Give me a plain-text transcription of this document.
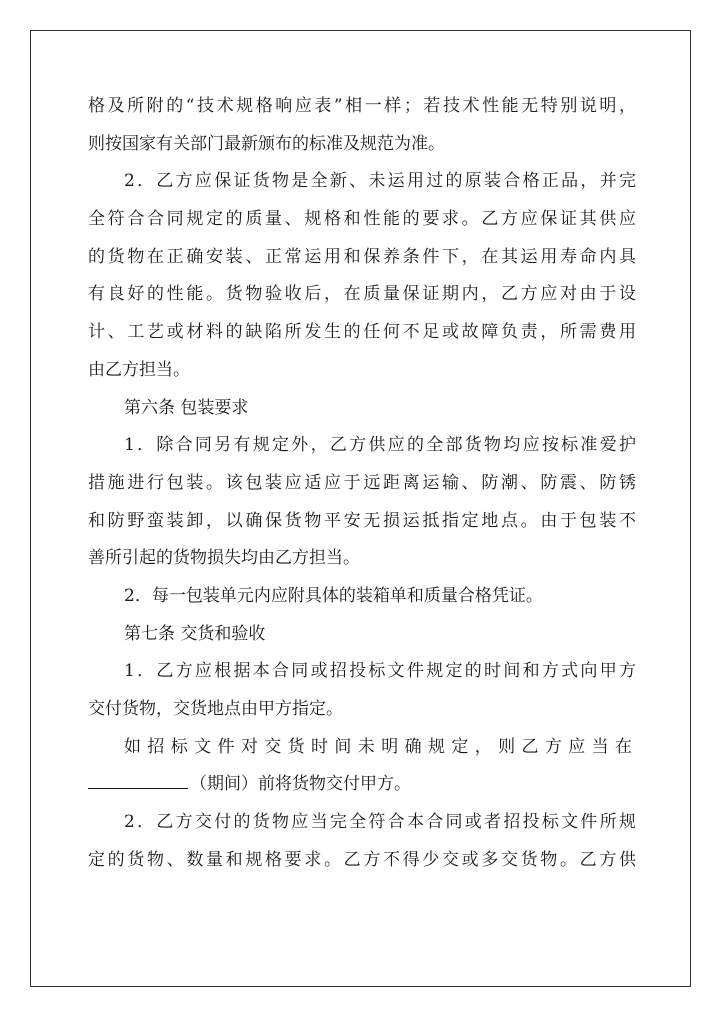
格及所附的“技术规格响应表”相一样；若技术性能无特别说明，
则按国家有关部门最新颁布的标准及规范为准。
2．乙方应保证货物是全新、未运用过的原装合格正品，并完
全符合合同规定的质量、规格和性能的要求。乙方应保证其供应
的货物在正确安装、正常运用和保养条件下，在其运用寿命内具
有良好的性能。货物验收后，在质量保证期内，乙方应对由于设
计、工艺或材料的缺陷所发生的任何不足或故障负责，所需费用
由乙方担当。
第六条 包装要求
1．除合同另有规定外，乙方供应的全部货物均应按标准爱护
措施进行包装。该包装应适应于远距离运输、防潮、防震、防锈
和防野蛮装卸，以确保货物平安无损运抵指定地点。由于包装不
善所引起的货物损失均由乙方担当。
2．每一包装单元内应附具体的装箱单和质量合格凭证。
第七条 交货和验收
1．乙方应根据本合同或招投标文件规定的时间和方式向甲方
交付货物，交货地点由甲方指定。
如招标文件对交货时间未明确规定，则乙方应当在
（期间）前将货物交付甲方。
2．乙方交付的货物应当完全符合本合同或者招投标文件所规
定的货物、数量和规格要求。乙方不得少交或多交货物。乙方供
